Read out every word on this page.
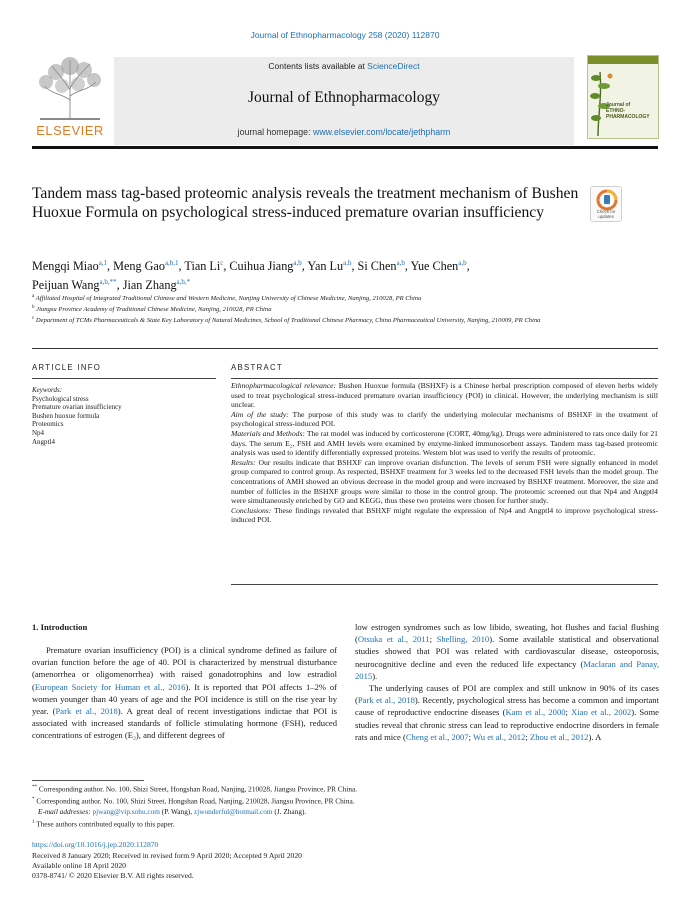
Journal of Ethnopharmacology 258 (2020) 112870
ELSEVIER
Contents lists available at ScienceDirect
Journal of Ethnopharmacology
journal homepage: www.elsevier.com/locate/jethpharm
Journal of
ETHNO-
PHARMACOLOGY
Tandem mass tag-based proteomic analysis reveals the treatment mechanism of Bushen Huoxue Formula on psychological stress-induced premature ovarian insufficiency	Check for updates
Mengqi Miao$^{a,1}$, Meng Gao$^{a,b,1}$, Tian Li$^c$, Cuihua Jiang$^{a,b}$, Yan Lu$^{a,b}$, Si Chen$^{a,b}$, Yue Chen$^{a,b}$,
Peijuan Wang$^{a,b,**}$, Jian Zhang$^{a,b,*}$
$^a$ Affiliated Hospital of Integrated Traditional Chinese and Western Medicine, Nanjing University of Chinese Medicine, Nanjing, 210028, PR China
$^b$ Jiangsu Province Academy of Traditional Chinese Medicine, Nanjing, 210028, PR China
$^c$ Department of TCMs Pharmaceuticals & State Key Laboratory of Natural Medicines, School of Traditional Chinese Pharmacy, China Pharmaceutical University, Nanjing, 210009, PR China
ARTICLE INFO
Keywords:
Psychological stress
Premature ovarian insufficiency
Bushen huoxue formula
Proteomics
Np4
Angptl4
ABSTRACT

Ethnopharmacological relevance: Bushen Huoxue formula (BSHXF) is a Chinese herbal prescription composed of eleven herbs widely used to treat psychological stress-induced premature ovarian insufficiency (POI) in clinical. However, the underlying mechanism is still unclear.

Aim of the study: The purpose of this study was to clarify the underlying molecular mechanisms of BSHXF in the treatment of psychological stress-induced POI.

Materials and Methods: The rat model was induced by corticosterone (CORT, 40mg/kg). Drugs were administered to rats once daily for 21 days. The serum E₂, FSH and AMH levels were examined by enzyme-linked immunosorbent assays. Tandem mass tag-based proteomic analysis was used to identify differentially expressed proteins. Western blot was used to verify the results of proteomic.

Results: Our results indicate that BSHXF can improve ovarian disfunction. The levels of serum FSH were signally enhanced in model group compared to control group. As respected, BSHXF treatment for 3 weeks led to the decreased FSH levels than the model group. The concentrations of AMH showed an obvious decrease in the model group and were increased by BSHXF treatment. Moreover, the size and number of follicles in the BSHXF groups were similar to those in the control group. The proteomic screened out that Np4 and Angptl4 were simultaneously enriched by GO and KEGG, thus these two proteins were chosen for further study.

Conclusions: These findings revealed that BSHXF might regulate the expression of Np4 and Angptl4 to improve psychological stress-induced POI.

1. Introduction

Premature ovarian insufficiency (POI) is a clinical syndrome defined as failure of ovarian function before the age of 40. POI is characterized by menstrual disturbance (amenorrhea or oligomenorrhea) with raised gonadotrophins and low estradiol (European Society for Human et al., 2016). It is reported that POI affects 1–2% of women younger than 40 years of age and the POI incidence is still on the rise year by year. (Park et al., 2018). A great deal of recent investigations indictae that POI is associated with increased standards of follicle stimulating hormone (FSH), reduced concentrations of estrogen (E₂), and different degrees of

low estrogen syndromes such as low libido, sweating, hot flushes and facial flushing (Otsuka et al., 2011; Shelling, 2010). Some available statistical and observational studies showed that POI was related with cardiovascular disease, osteoporosis, neurocognitive decline and even the reduced life expectancy (Maclaran and Panay, 2015).

The underlying causes of POI are complex and still unknow in 90% of its cases (Park et al., 2018). Recently, psychological stress has become a common and important cause of reproductive endocrine diseases (Kam et al., 2000; Xiao et al., 2002). Some studies reveal that chronic stress can lead to reproductive endocrine disorders in female rats and mice (Cheng et al., 2007; Wu et al., 2012; Zhou et al., 2012). A

** Corresponding author. No. 100, Shizi Street, Hongshan Road, Nanjing, 210028, Jiangsu Province, PR China.
* Corresponding author. No. 100, Shizi Street, Hongshan Road, Nanjing, 210028, Jiangsu Province, PR China.
E-mail addresses: pjwang@vip.sohu.com (P. Wang), zjwonderful@hotmail.com (J. Zhang).
$^1$ These authors contributed equally to this paper.
https://doi.org/10.1016/j.jep.2020.112870
Received 8 January 2020; Received in revised form 9 April 2020; Accepted 9 April 2020
Available online 18 April 2020
0378-8741/ © 2020 Elsevier B.V. All rights reserved.
